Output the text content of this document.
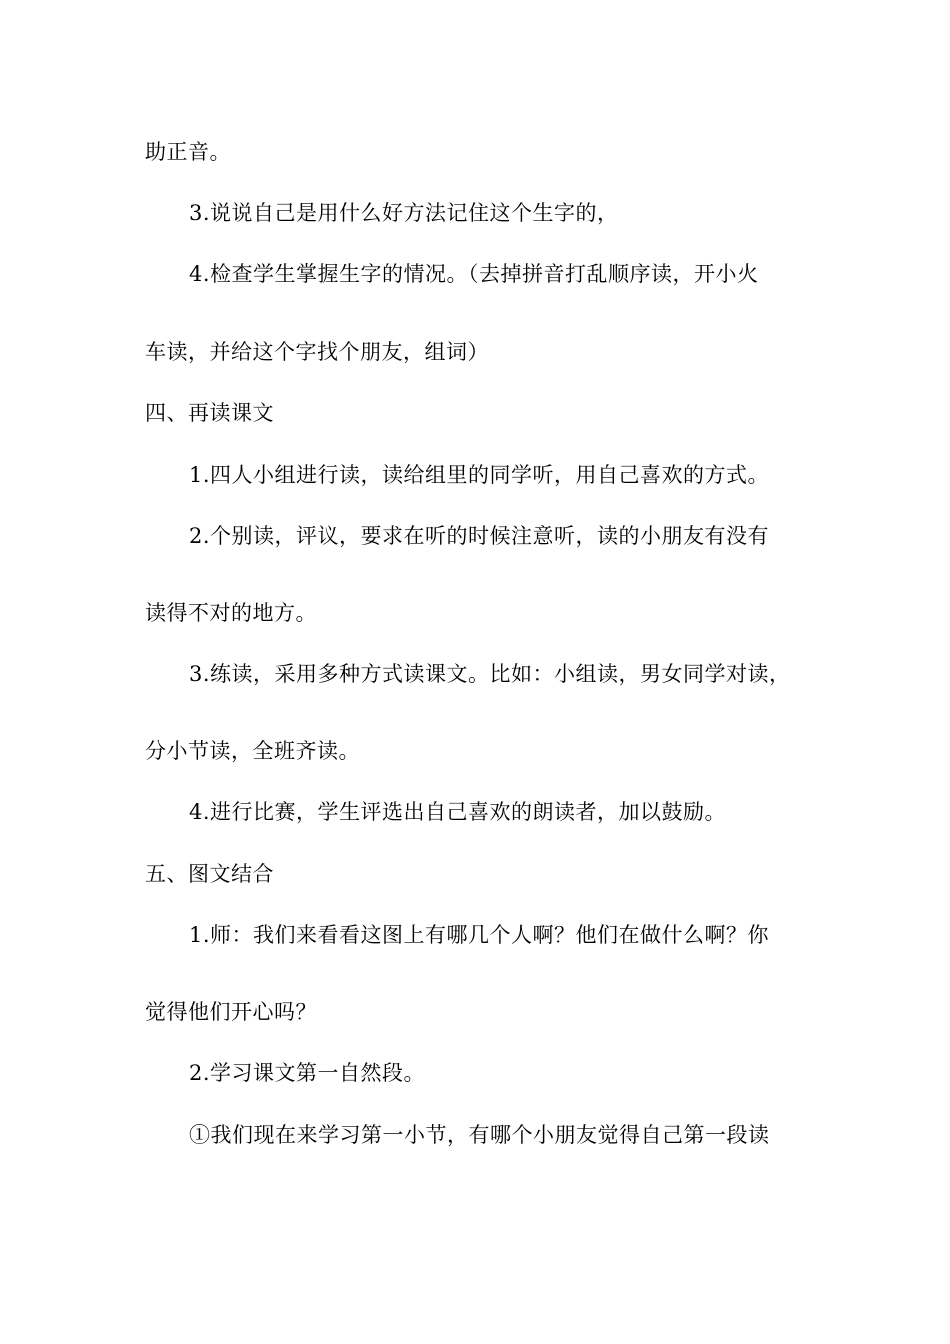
助正音。

3.说说自己是用什么好方法记住这个生字的，

4.检查学生掌握生字的情况。（去掉拼音打乱顺序读，开小火

车读，并给这个字找个朋友，组词）

四、再读课文

1.四人小组进行读，读给组里的同学听，用自己喜欢的方式。

2.个别读，评议，要求在听的时候注意听，读的小朋友有没有

读得不对的地方。

3.练读，采用多种方式读课文。比如：小组读，男女同学对读，

分小节读，全班齐读。

4.进行比赛，学生评选出自己喜欢的朗读者，加以鼓励。

五、图文结合

1.师：我们来看看这图上有哪几个人啊？他们在做什么啊？你

觉得他们开心吗？

2.学习课文第一自然段。

①我们现在来学习第一小节，有哪个小朋友觉得自己第一段读
